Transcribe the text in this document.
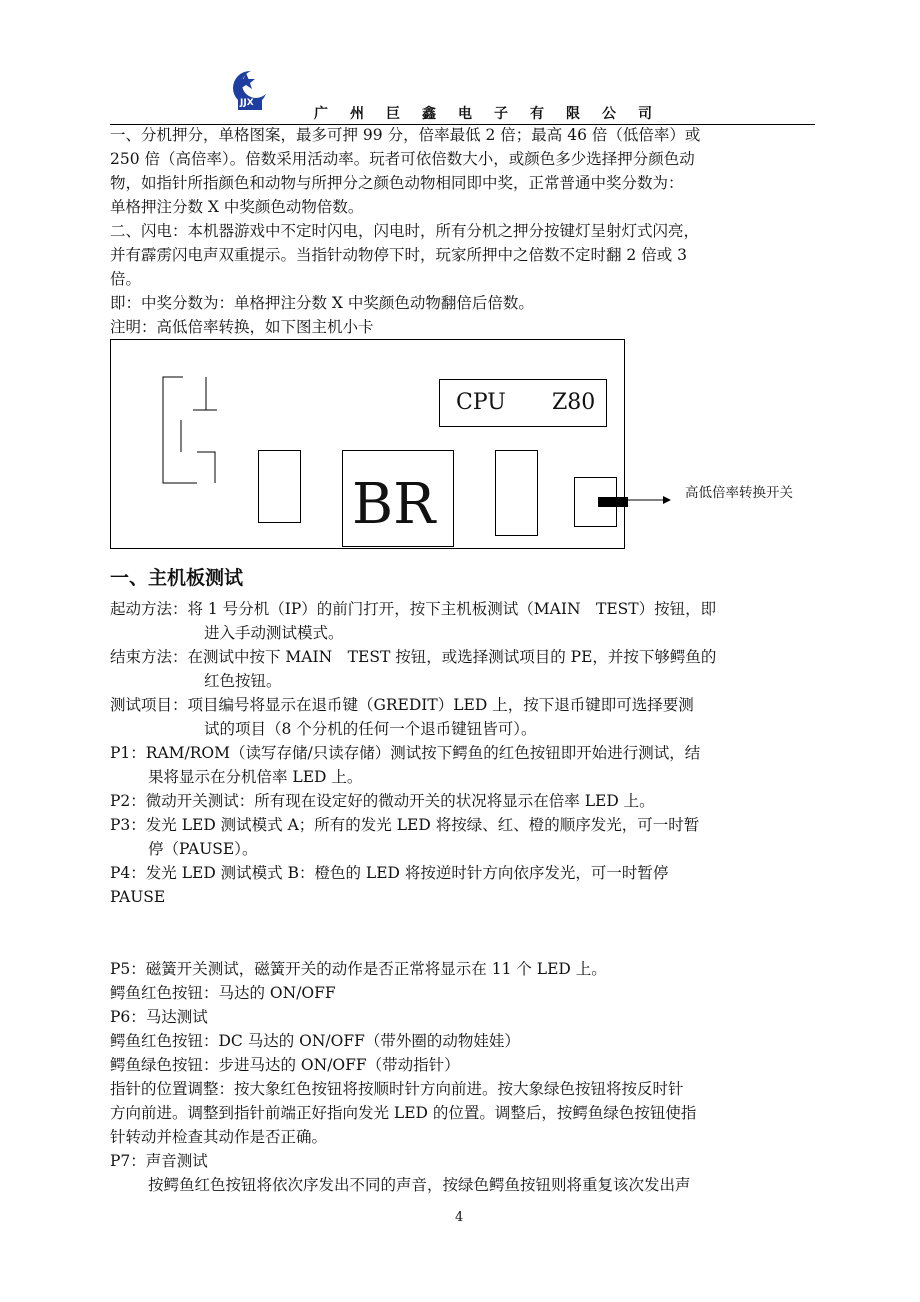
JJX
广州巨鑫电子有限公司
一、分机押分，单格图案，最多可押 99 分，倍率最低 2 倍；最高 46 倍（低倍率）或
250 倍（高倍率）。倍数采用活动率。玩者可依倍数大小，或颜色多少选择押分颜色动
物，如指针所指颜色和动物与所押分之颜色动物相同即中奖，正常普通中奖分数为：
单格押注分数 X 中奖颜色动物倍数。
二、闪电：本机器游戏中不定时闪电，闪电时，所有分机之押分按键灯呈射灯式闪亮，
并有霹雳闪电声双重提示。当指针动物停下时，玩家所押中之倍数不定时翻 2 倍或 3
倍。
即：中奖分数为：单格押注分数 X 中奖颜色动物翻倍后倍数。
注明：高低倍率转换，如下图主机小卡
CPU Z80
BR	高低倍率转换开关
一、主机板测试
起动方法：将 1 号分机（IP）的前门打开，按下主机板测试（MAIN　TEST）按钮，即
进入手动测试模式。
结束方法：在测试中按下 MAIN　TEST 按钮，或选择测试项目的 PE，并按下够鳄鱼的
红色按钮。
测试项目：项目编号将显示在退币键（GREDIT）LED 上，按下退币键即可选择要测
试的项目（8 个分机的任何一个退币键钮皆可）。
P1：RAM/ROM（读写存储/只读存储）测试按下鳄鱼的红色按钮即开始进行测试，结
果将显示在分机倍率 LED 上。
P2：微动开关测试：所有现在设定好的微动开关的状况将显示在倍率 LED 上。
P3：发光 LED 测试模式 A；所有的发光 LED 将按绿、红、橙的顺序发光，可一时暂
停（PAUSE）。
P4：发光 LED 测试模式 B：橙色的 LED 将按逆时针方向依序发光，可一时暂停
PAUSE
P5：磁簧开关测试，磁簧开关的动作是否正常将显示在 11 个 LED 上。
鳄鱼红色按钮：马达的 ON/OFF
P6：马达测试
鳄鱼红色按钮：DC 马达的 ON/OFF（带外圈的动物娃娃）
鳄鱼绿色按钮：步进马达的 ON/OFF（带动指针）
指针的位置调整：按大象红色按钮将按顺时针方向前进。按大象绿色按钮将按反时针
方向前进。调整到指针前端正好指向发光 LED 的位置。调整后，按鳄鱼绿色按钮使指
针转动并检查其动作是否正确。
P7：声音测试
按鳄鱼红色按钮将依次序发出不同的声音，按绿色鳄鱼按钮则将重复该次发出声
4
